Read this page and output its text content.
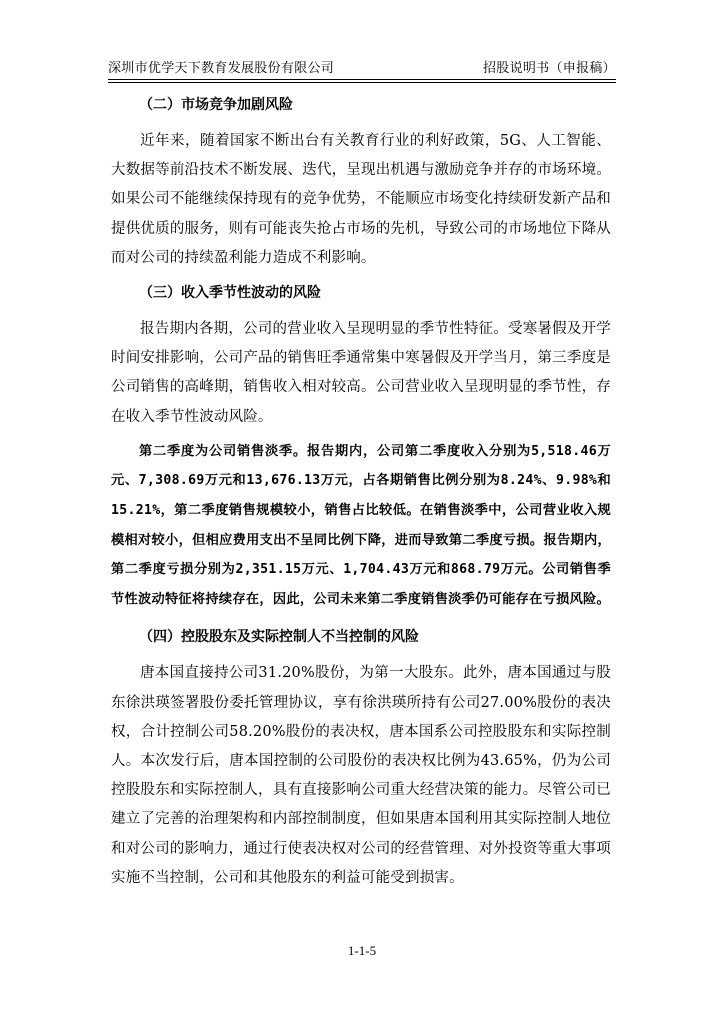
深圳市优学天下教育发展股份有限公司	招股说明书（申报稿）
（二）市场竞争加剧风险

近年来，随着国家不断出台有关教育行业的利好政策，5G、人工智能、大数据等前沿技术不断发展、迭代，呈现出机遇与激励竞争并存的市场环境。如果公司不能继续保持现有的竞争优势，不能顺应市场变化持续研发新产品和提供优质的服务，则有可能丧失抢占市场的先机，导致公司的市场地位下降从而对公司的持续盈利能力造成不利影响。

（三）收入季节性波动的风险

报告期内各期，公司的营业收入呈现明显的季节性特征。受寒暑假及开学时间安排影响，公司产品的销售旺季通常集中寒暑假及开学当月，第三季度是公司销售的高峰期，销售收入相对较高。公司营业收入呈现明显的季节性，存在收入季节性波动风险。

第二季度为公司销售淡季。报告期内，公司第二季度收入分别为5,518.46万元、7,308.69万元和13,676.13万元，占各期销售比例分别为8.24%、9.98%和15.21%，第二季度销售规模较小，销售占比较低。在销售淡季中，公司营业收入规模相对较小，但相应费用支出不呈同比例下降，进而导致第二季度亏损。报告期内，第二季度亏损分别为2,351.15万元、1,704.43万元和868.79万元。公司销售季节性波动特征将持续存在，因此，公司未来第二季度销售淡季仍可能存在亏损风险。

（四）控股股东及实际控制人不当控制的风险

唐本国直接持公司31.20%股份，为第一大股东。此外，唐本国通过与股东徐洪瑛签署股份委托管理协议，享有徐洪瑛所持有公司27.00%股份的表决权，合计控制公司58.20%股份的表决权，唐本国系公司控股股东和实际控制人。本次发行后，唐本国控制的公司股份的表决权比例为43.65%，仍为公司控股股东和实际控制人，具有直接影响公司重大经营决策的能力。尽管公司已建立了完善的治理架构和内部控制制度，但如果唐本国利用其实际控制人地位和对公司的影响力，通过行使表决权对公司的经营管理、对外投资等重大事项实施不当控制，公司和其他股东的利益可能受到损害。

1-1-5
